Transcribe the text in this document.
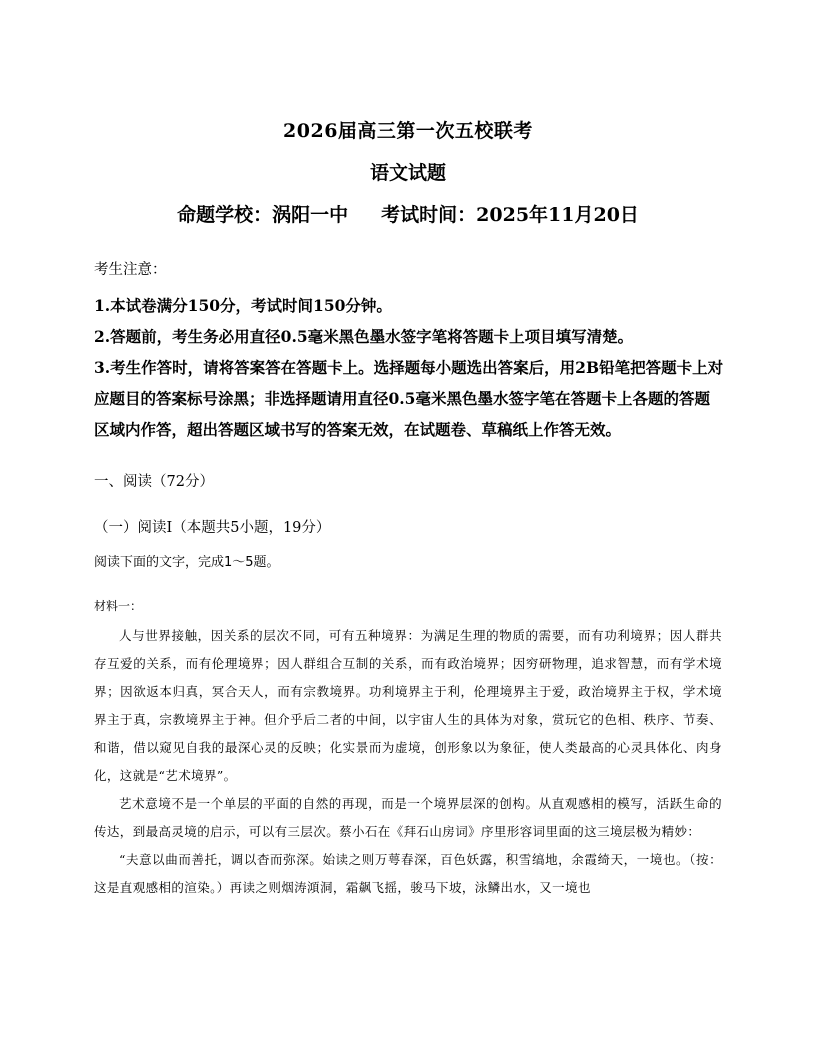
2026届高三第一次五校联考
语文试题
命题学校：涡阳一中     考试时间：2025年11月20日
考生注意：

1.本试卷满分150分，考试时间150分钟。

2.答题前，考生务必用直径0.5毫米黑色墨水签字笔将答题卡上项目填写清楚。

3.考生作答时，请将答案答在答题卡上。选择题每小题选出答案后，用2B铅笔把答题卡上对应题目的答案标号涂黑；非选择题请用直径0.5毫米黑色墨水签字笔在答题卡上各题的答题区域内作答，超出答题区域书写的答案无效，在试题卷、草稿纸上作答无效。

一、阅读（72分）
（一）阅读Ⅰ（本题共5小题，19分）
阅读下面的文字，完成1～5题。
材料一：

人与世界接触，因关系的层次不同，可有五种境界：为满足生理的物质的需要，而有功利境界；因人群共存互爱的关系，而有伦理境界；因人群组合互制的关系，而有政治境界；因穷研物理，追求智慧，而有学术境界；因欲返本归真，冥合天人，而有宗教境界。功利境界主于利，伦理境界主于爱，政治境界主于权，学术境界主于真，宗教境界主于神。但介乎后二者的中间，以宇宙人生的具体为对象，赏玩它的色相、秩序、节奏、和谐，借以窥见自我的最深心灵的反映；化实景而为虚境，创形象以为象征，使人类最高的心灵具体化、肉身化，这就是“艺术境界”。

艺术意境不是一个单层的平面的自然的再现，而是一个境界层深的创构。从直观感相的模写，活跃生命的传达，到最高灵境的启示，可以有三层次。蔡小石在《拜石山房词》序里形容词里面的这三境层极为精妙：

“夫意以曲而善托，调以杳而弥深。始读之则万萼春深，百色妖露，积雪缟地，余霞绮天，一境也。（按：这是直观感相的渲染。）再读之则烟涛澒洞，霜飙飞摇，骏马下坡，泳鳞出水，又一境也
